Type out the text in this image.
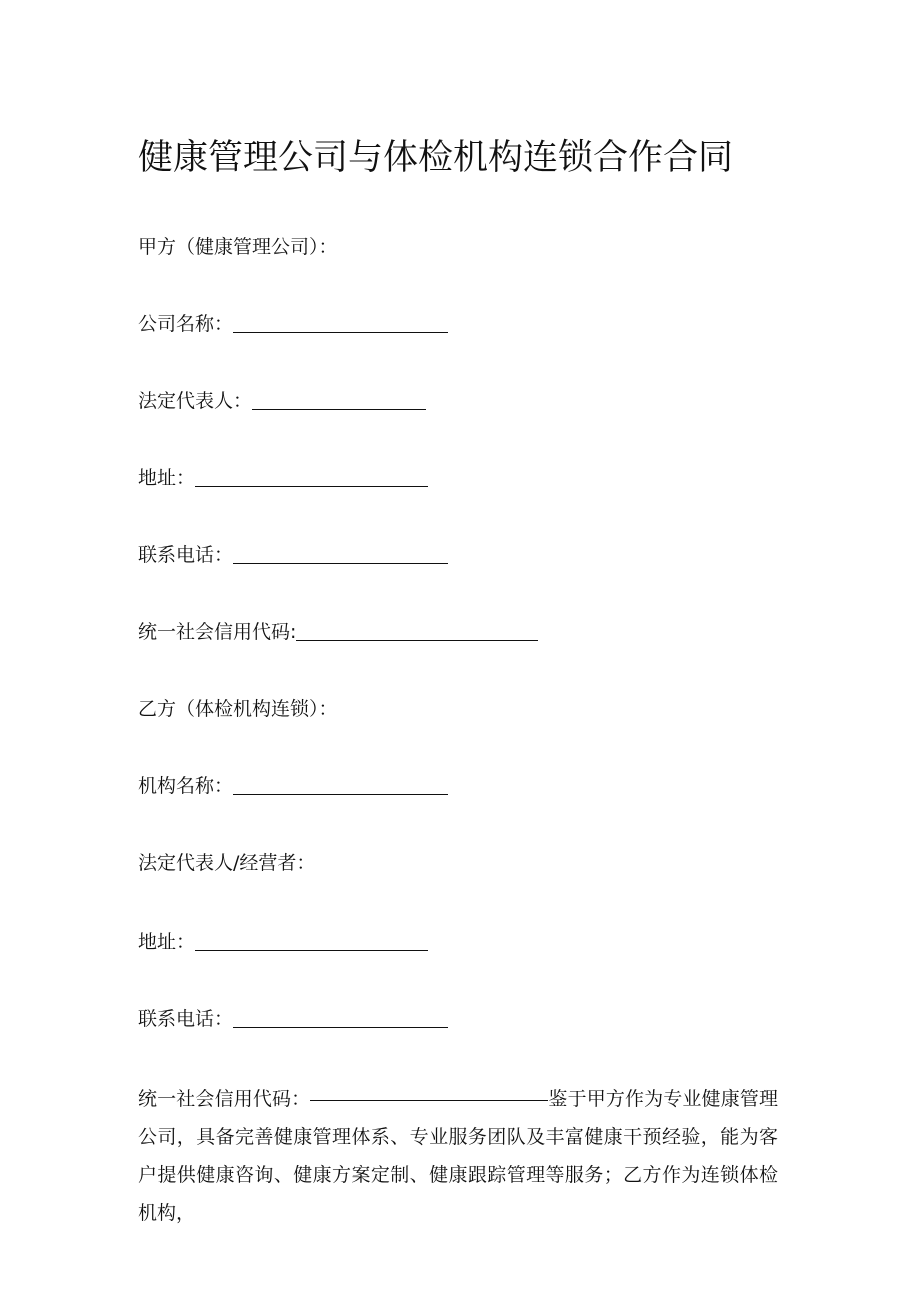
健康管理公司与体检机构连锁合作合同
甲方（健康管理公司）：
公司名称：
法定代表人：
地址：
联系电话：
统一社会信用代码:
乙方（体检机构连锁）：
机构名称：
法定代表人/经营者：
地址：
联系电话：
统一社会信用代码：	鉴于甲方作为专业健康管理公司，具备完善健康管理体系、专业服务团队及丰富健康干预经验，能为客户提供健康咨询、健康方案定制、健康跟踪管理等服务；乙方作为连锁体检机构，
